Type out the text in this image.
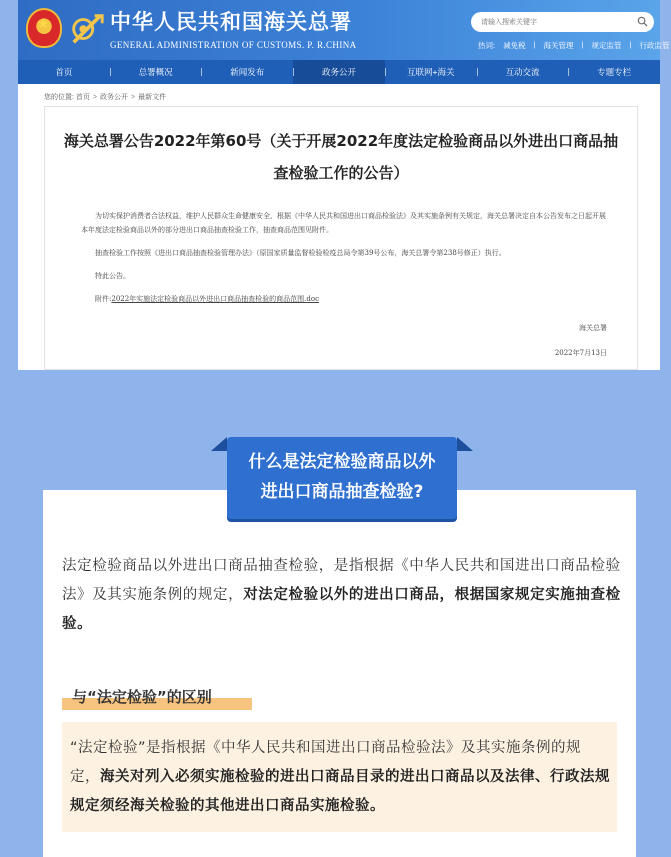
★
中华人民共和国海关总署
GENERAL ADMINISTRATION OF CUSTOMS. P. R.CHINA
请输入搜索关键字	热词: 减免税 | 海关管理 | 规定监管 | 行政监管
首页	总署概况	新闻发布	政务公开	互联网+海关	互动交流	专题专栏
您的位置: 首页 > 政务公开 > 最新文件
海关总署公告2022年第60号（关于开展2022年度法定检验商品以外进出口商品抽查检验工作的公告）

为切实保护消费者合法权益，维护人民群众生命健康安全，根据《中华人民共和国进出口商品检验法》及其实施条例有关规定，海关总署决定自本公告发布之日起开展本年度法定检验商品以外的部分进出口商品抽查检验工作，抽查商品范围见附件。

抽查检验工作按照《进出口商品抽查检验管理办法》（原国家质量监督检验检疫总局令第39号公布，海关总署令第238号修正）执行。

特此公告。

附件:2022年实施法定检验商品以外进出口商品抽查检验的商品范围.doc

海关总署
2022年7月13日
什么是法定检验商品以外
进出口商品抽查检验?
法定检验商品以外进出口商品抽查检验，是指根据《中华人民共和国进出口商品检验法》及其实施条例的规定，对法定检验以外的进出口商品，根据国家规定实施抽查检验。
与“法定检验”的区别
“法定检验”是指根据《中华人民共和国进出口商品检验法》及其实施条例的规定，海关对列入必须实施检验的进出口商品目录的进出口商品以及法律、行政法规规定须经海关检验的其他进出口商品实施检验。
